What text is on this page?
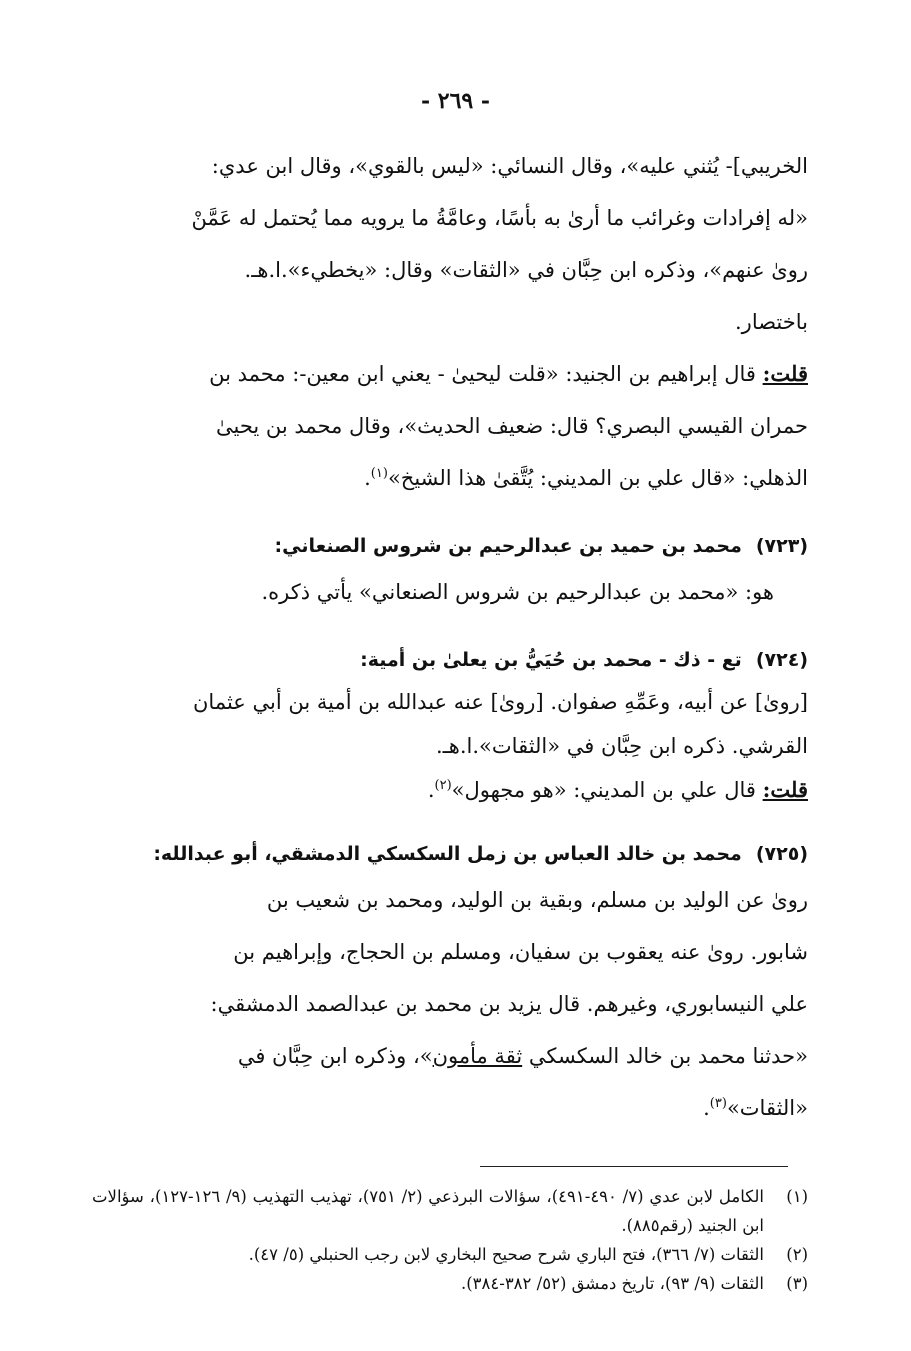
- ٢٦٩ -
الخريبي]- يُثني عليه»، وقال النسائي: «ليس بالقوي»، وقال ابن عدي:
«له إفرادات وغرائب ما أرىٰ به بأسًا، وعامَّةُ ما يرويه مما يُحتمل له عَمَّنْ
روىٰ عنهم»، وذكره ابن حِبَّان في «الثقات» وقال: «يخطيء».ا.هـ.
باختصار.
قلت: قال إبراهيم بن الجنيد: «قلت ليحيىٰ - يعني ابن معين-: محمد بن
حمران القيسي البصري؟ قال: ضعيف الحديث»، وقال محمد بن يحيىٰ
الذهلي: «قال علي بن المديني: يُتَّقىٰ هذا الشيخ»$^{(١)}$.
(٧٢٣)محمد بن حميد بن عبدالرحيم بن شروس الصنعاني:
هو: «محمد بن عبدالرحيم بن شروس الصنعاني» يأتي ذكره.
(٧٢٤)تع - ذك - محمد بن حُيَيُّ بن يعلىٰ بن أمية:
[روىٰ] عن أبيه، وعَمِّهِ صفوان. [روىٰ] عنه عبدالله بن أمية بن أبي عثمان
القرشي. ذكره ابن حِبَّان في «الثقات».ا.هـ.
قلت: قال علي بن المديني: «هو مجهول»$^{(٢)}$.
(٧٢٥)محمد بن خالد العباس بن زمل السكسكي الدمشقي، أبو عبدالله:
روىٰ عن الوليد بن مسلم، وبقية بن الوليد، ومحمد بن شعيب بن
شابور. روىٰ عنه يعقوب بن سفيان، ومسلم بن الحجاج، وإبراهيم بن
علي النيسابوري، وغيرهم. قال يزيد بن محمد بن عبدالصمد الدمشقي:
«حدثنا محمد بن خالد السكسكي ثقة مأمون»، وذكره ابن حِبَّان في
«الثقات»$^{(٣)}$.
(١)
الكامل لابن عدي (٧/ ٤٩٠-٤٩١)، سؤالات البرذعي (٢/ ٧٥١)، تهذيب التهذيب (٩/ ١٢٦-١٢٧)، سؤالات ابن الجنيد (رقم٨٨٥).
(٢)
الثقات (٧/ ٣٦٦)، فتح الباري شرح صحيح البخاري لابن رجب الحنبلي (٥/ ٤٧).
(٣)
الثقات (٩/ ٩٣)، تاريخ دمشق (٥٢/ ٣٨٢-٣٨٤).
